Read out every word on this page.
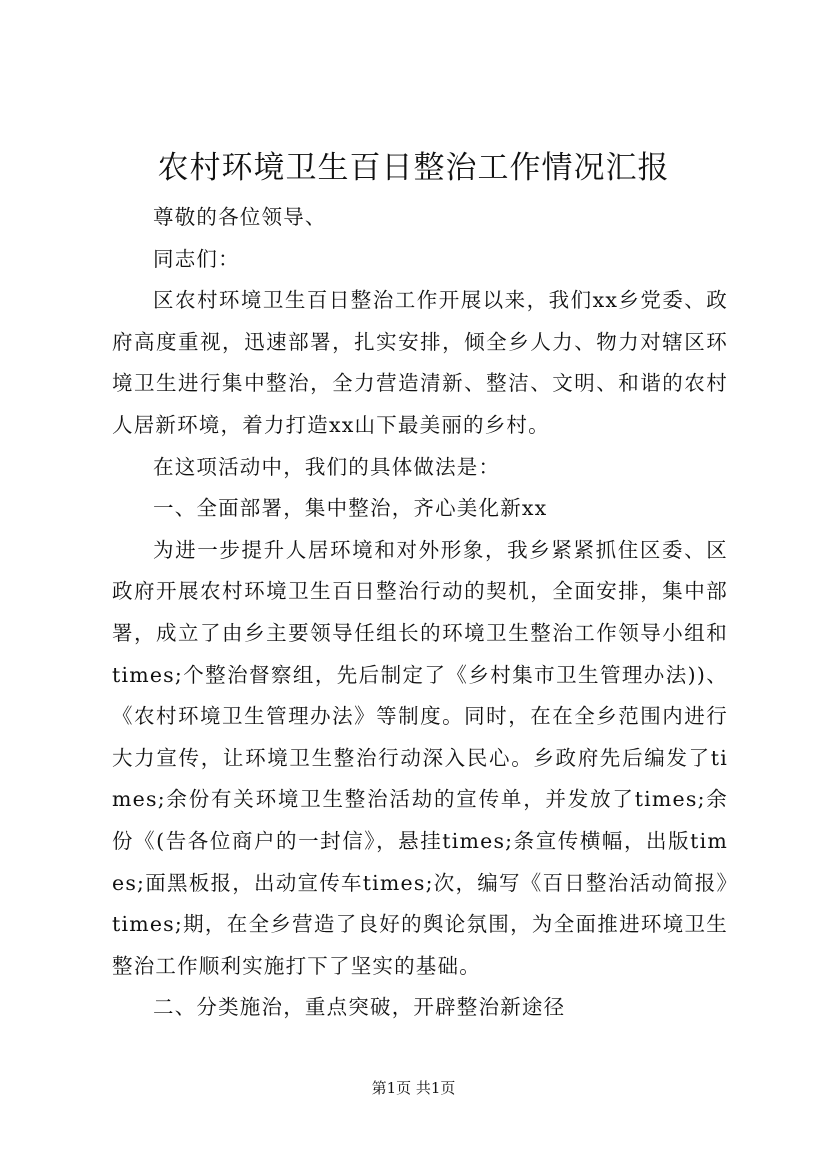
农村环境卫生百日整治工作情况汇报

尊敬的各位领导、

同志们：

区农村环境卫生百日整治工作开展以来，我们xx乡党委、政府高度重视，迅速部署，扎实安排，倾全乡人力、物力对辖区环境卫生进行集中整治，全力营造清新、整洁、文明、和谐的农村人居新环境，着力打造xx山下最美丽的乡村。

在这项活动中，我们的具体做法是：

一、全面部署，集中整治，齐心美化新xx

为进一步提升人居环境和对外形象，我乡紧紧抓住区委、区政府开展农村环境卫生百日整治行动的契机，全面安排，集中部署，成立了由乡主要领导任组长的环境卫生整治工作领导小组和times;个整治督察组，先后制定了《乡村集市卫生管理办法))、《农村环境卫生管理办法》等制度。同时，在在全乡范围内进行大力宣传，让环境卫生整治行动深入民心。乡政府先后编发了times;余份有关环境卫生整治活劫的宣传单，并发放了times;余份《(告各位商户的一封信》，悬挂times;条宣传横幅，出版times;面黑板报，出动宣传车times;次，编写《百日整治活动简报》times;期，在全乡营造了良好的舆论氛围，为全面推进环境卫生整治工作顺利实施打下了坚实的基础。

二、分类施治，重点突破，开辟整治新途径

第1页 共1页
